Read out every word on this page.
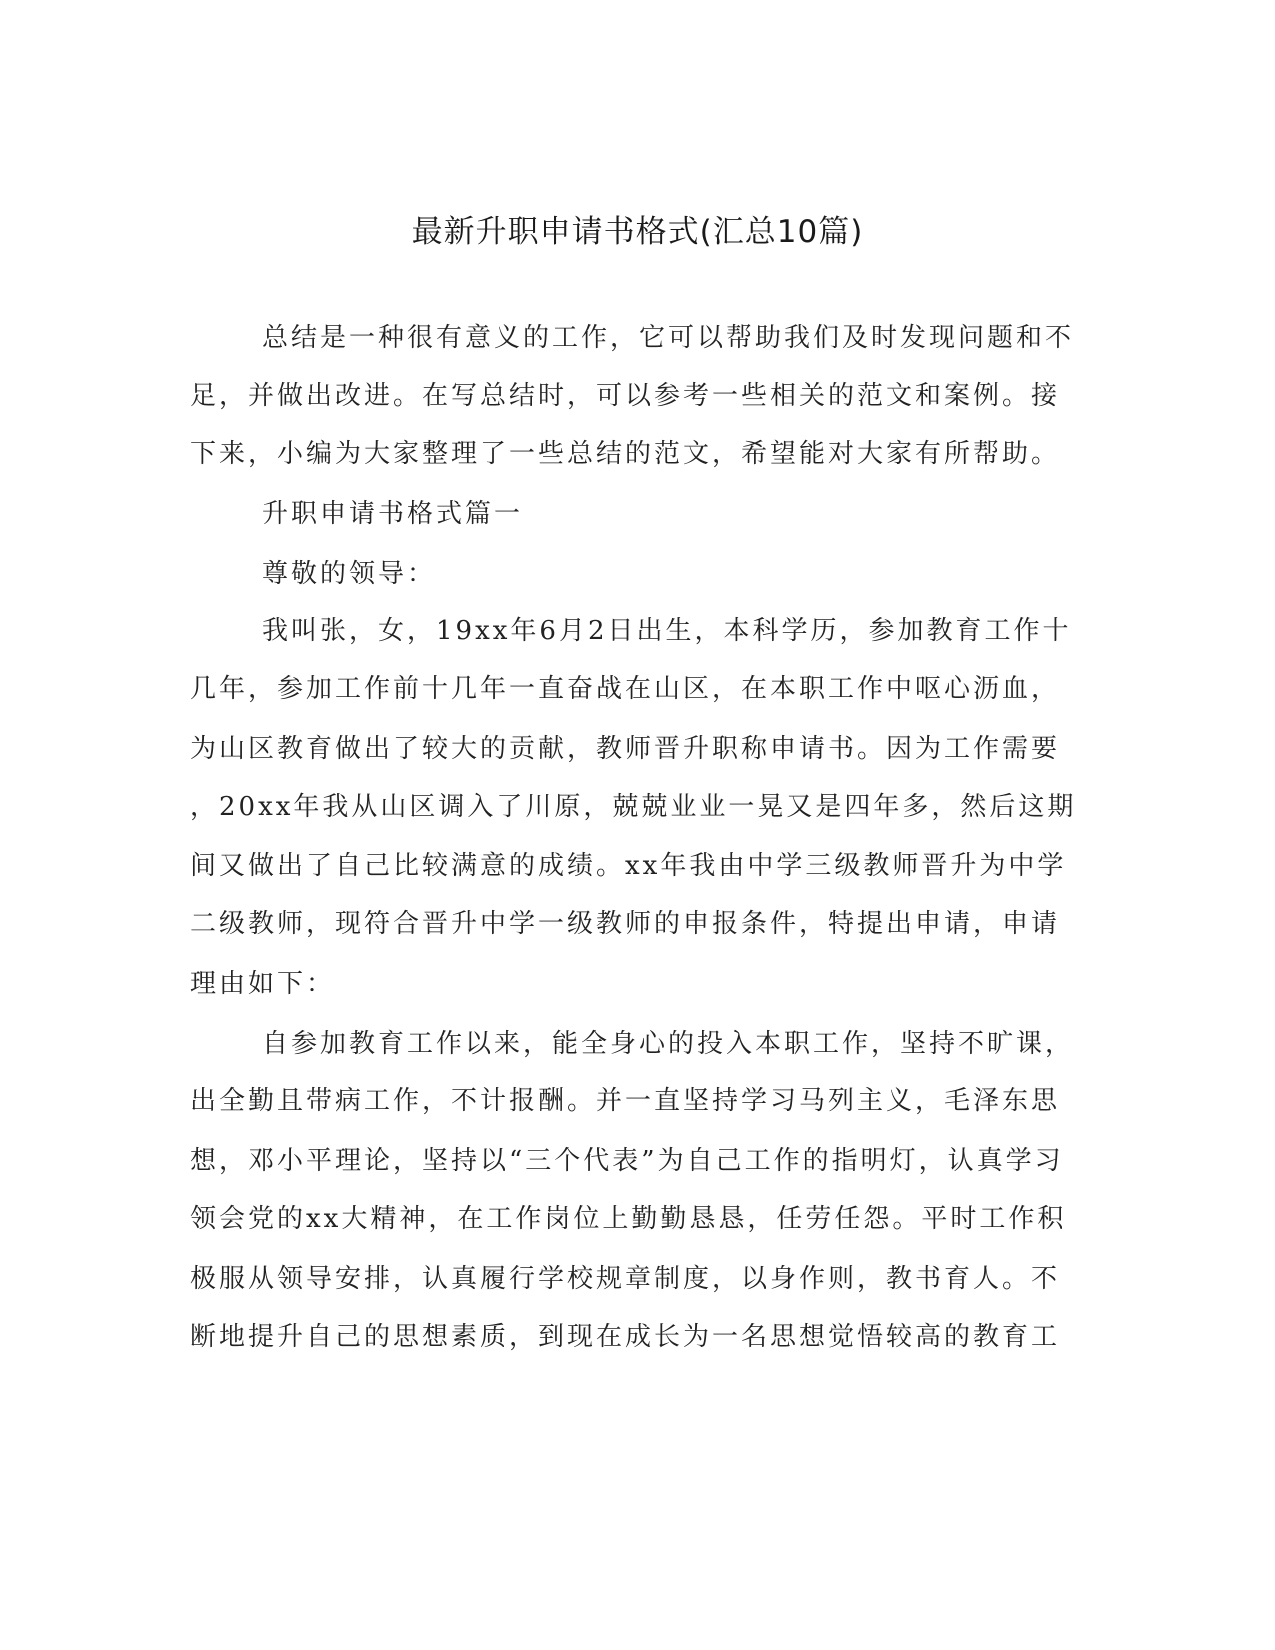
最新升职申请书格式(汇总10篇)

总结是一种很有意义的工作，它可以帮助我们及时发现问题和不

足，并做出改进。在写总结时，可以参考一些相关的范文和案例。接

下来，小编为大家整理了一些总结的范文，希望能对大家有所帮助。

升职申请书格式篇一

尊敬的领导：

我叫张，女，19xx年6月2日出生，本科学历，参加教育工作十

几年，参加工作前十几年一直奋战在山区，在本职工作中呕心沥血，

为山区教育做出了较大的贡献，教师晋升职称申请书。因为工作需要

，20xx年我从山区调入了川原，兢兢业业一晃又是四年多，然后这期

间又做出了自己比较满意的成绩。xx年我由中学三级教师晋升为中学

二级教师，现符合晋升中学一级教师的申报条件，特提出申请，申请

理由如下：

自参加教育工作以来，能全身心的投入本职工作，坚持不旷课，

出全勤且带病工作，不计报酬。并一直坚持学习马列主义，毛泽东思

想，邓小平理论，坚持以“三个代表”为自己工作的指明灯，认真学习

领会党的xx大精神，在工作岗位上勤勤恳恳，任劳任怨。平时工作积

极服从领导安排，认真履行学校规章制度，以身作则，教书育人。不

断地提升自己的思想素质，到现在成长为一名思想觉悟较高的教育工
